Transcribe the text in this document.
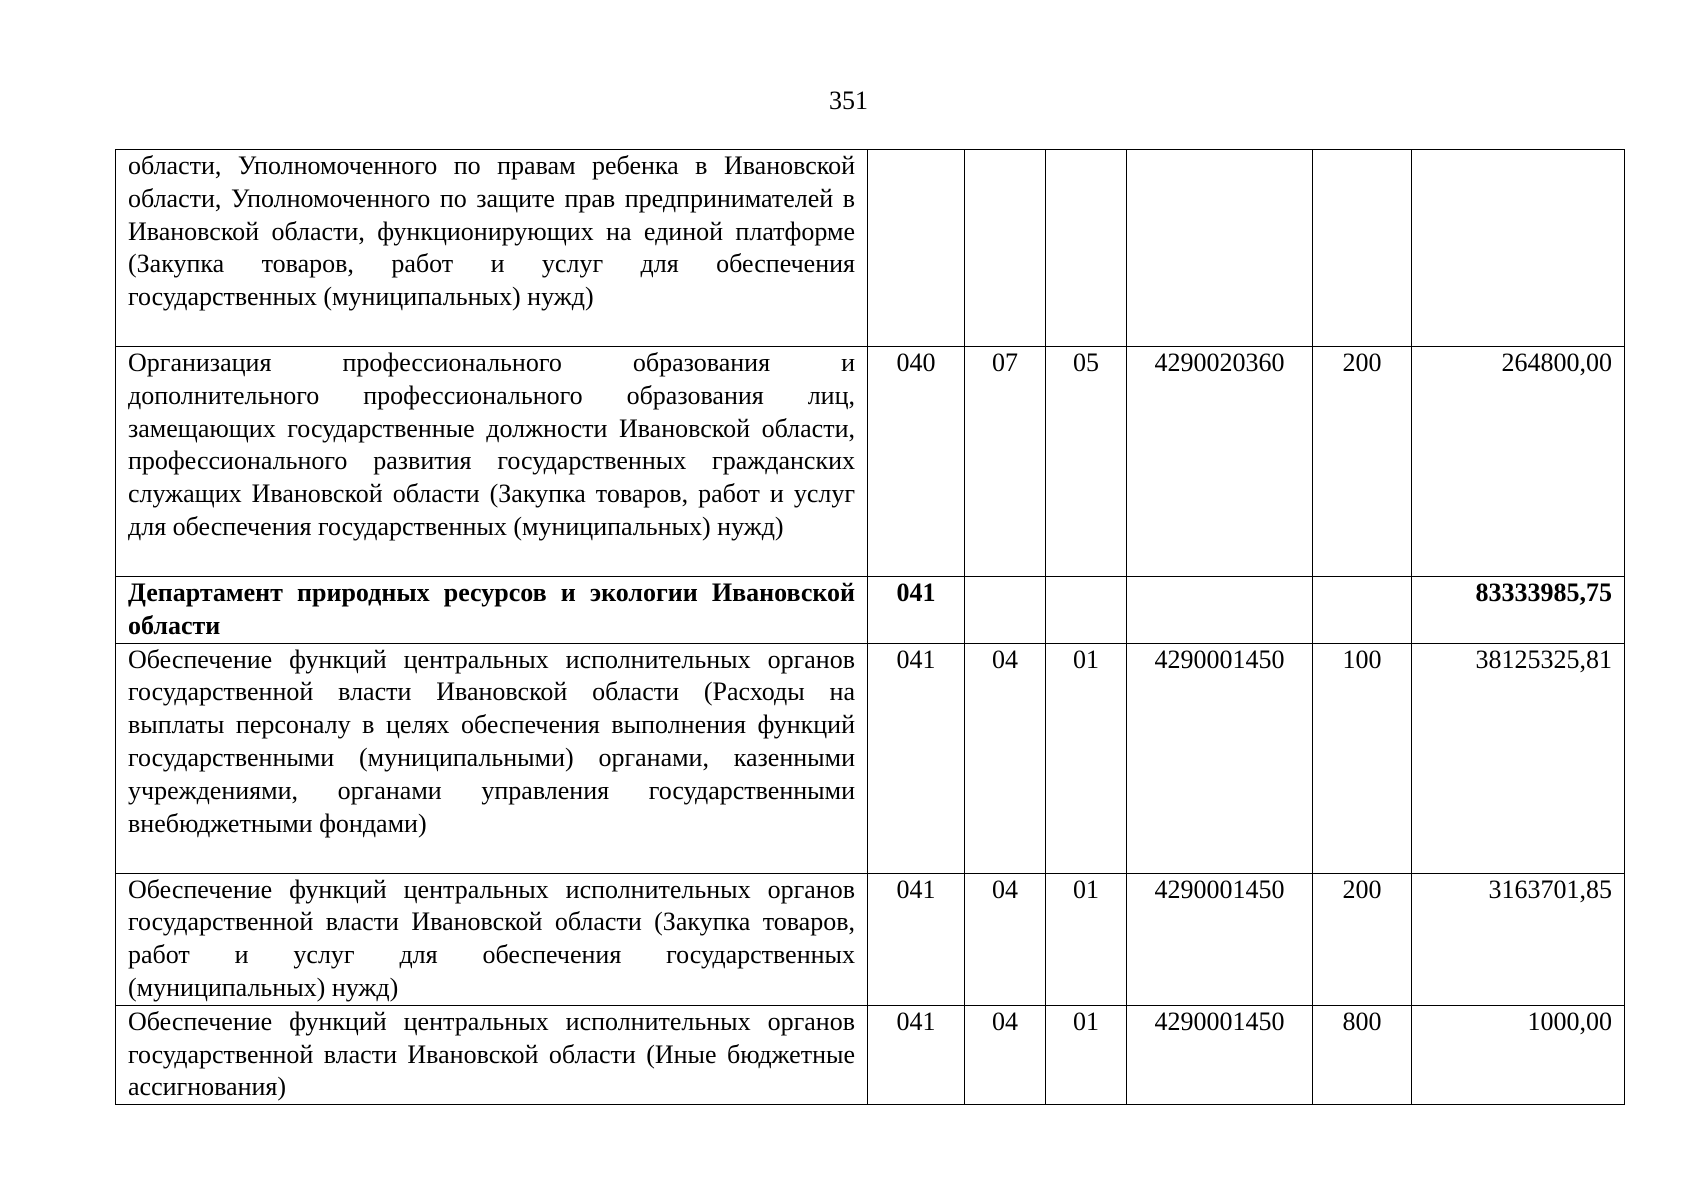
351
области, Уполномоченного по правам ребенка в Ивановской области, Уполномоченного по защите прав предпринимателей в Ивановской области, функционирующих на единой платформе (Закупка товаров, работ и услуг для обеспечения государственных (муниципальных) нужд)						
Организация профессионального образования и дополнительного профессионального образования лиц, замещающих государственные должности Ивановской области, профессионального развития государственных гражданских служащих Ивановской области (Закупка товаров, работ и услуг для обеспечения государственных (муниципальных) нужд)	040	07	05	4290020360	200	264800,00
Департамент природных ресурсов и экологии Ивановской области	041					83333985,75
Обеспечение функций центральных исполнительных органов государственной власти Ивановской области (Расходы на выплаты персоналу в целях обеспечения выполнения функций государственными (муниципальными) органами, казенными учреждениями, органами управления государственными внебюджетными фондами)	041	04	01	4290001450	100	38125325,81
Обеспечение функций центральных исполнительных органов государственной власти Ивановской области (Закупка товаров, работ и услуг для обеспечения государственных (муниципальных) нужд)	041	04	01	4290001450	200	3163701,85
Обеспечение функций центральных исполнительных органов государственной власти Ивановской области (Иные бюджетные ассигнования)	041	04	01	4290001450	800	1000,00
